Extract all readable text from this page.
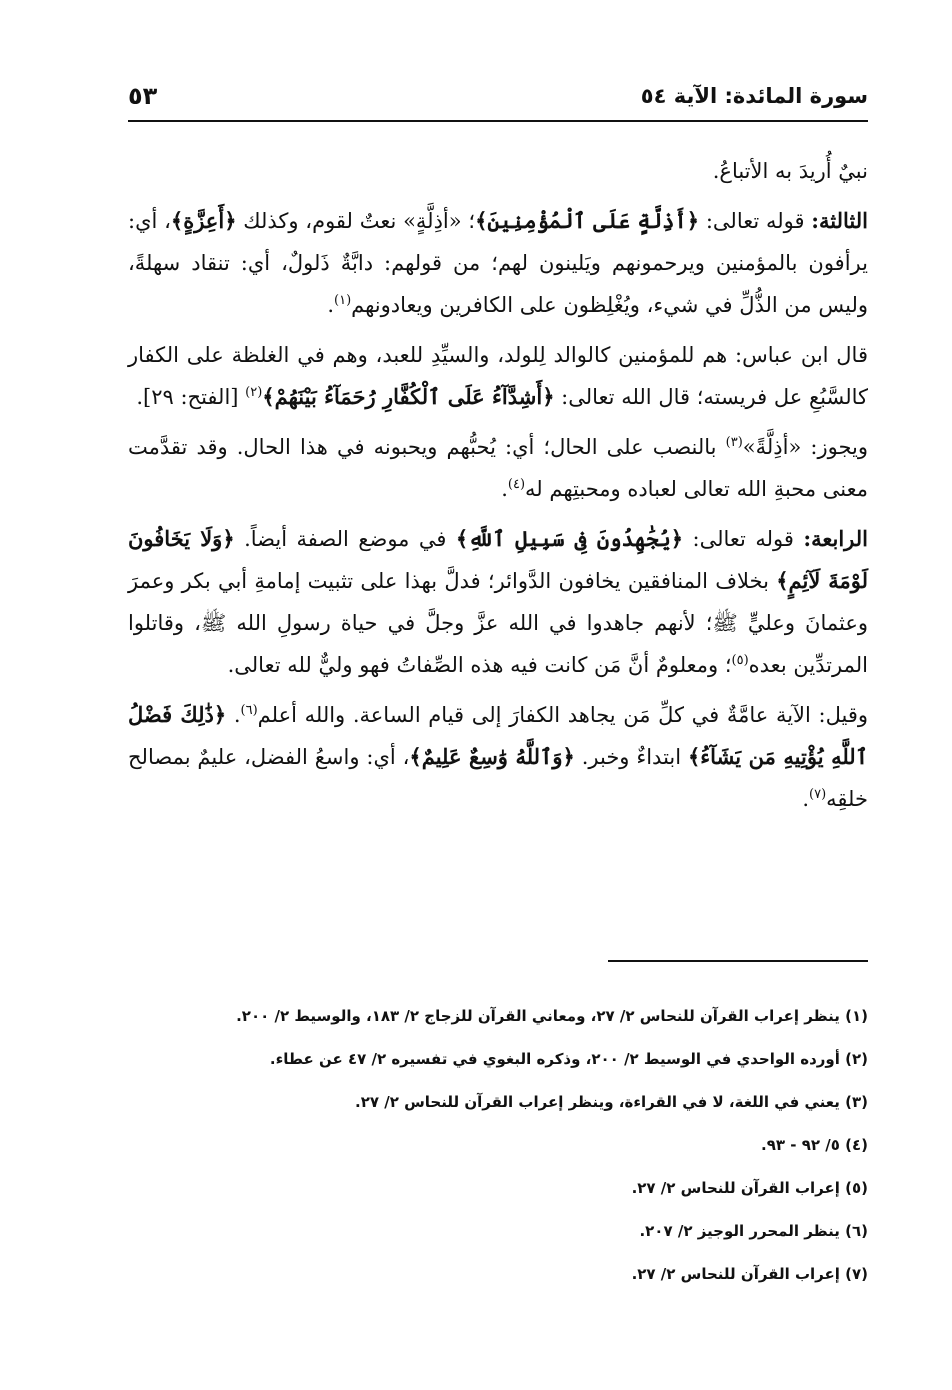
سورة المائدة: الآية ٥٤
٥٣

نبيٌ أُريدَ به الأتباعُ.

الثالثة: قوله تعالى: ﴿أَذِلَّةٍ عَلَى ٱلْمُؤْمِنِينَ﴾؛ «أذِلَّةٍ» نعتٌ لقوم، وكذلك ﴿أَعِزَّةٍ﴾، أي: يرأفون بالمؤمنين ويرحمونهم ويَلينون لهم؛ من قولهم: دابَّةٌ ذَلولٌ، أي: تنقاد سهلةً، وليس من الذُّلِّ في شيء، ويُغْلِظون على الكافرين ويعادونهم$^{(١)}$.

قال ابن عباس: هم للمؤمنين كالوالد لِلولد، والسيِّدِ للعبد، وهم في الغلظة على الكفار كالسَّبُعِ عل فريسته؛ قال الله تعالى: ﴿أَشِدَّآءُ عَلَى ٱلْكُفَّارِ رُحَمَآءُ بَيْنَهُمْ﴾$^{(٢)}$ [الفتح: ٢٩].

ويجوز: «أذِلَّةً»$^{(٣)}$ بالنصب على الحال؛ أي: يُحبُّهم ويحبونه في هذا الحال. وقد تقدَّمت معنى محبةِ الله تعالى لعباده ومحبتِهم له$^{(٤)}$.

الرابعة: قوله تعالى: ﴿يُجَٰهِدُونَ فِى سَبِيلِ ٱللَّهِ﴾ في موضع الصفة أيضاً. ﴿وَلَا يَخَافُونَ لَوْمَةَ لَآئِمٍ﴾ بخلاف المنافقين يخافون الدَّوائر؛ فدلَّ بهذا على تثبيت إمامةِ أبي بكر وعمرَ وعثمانَ وعليٍّ ﷺ؛ لأنهم جاهدوا في الله عزَّ وجلَّ في حياة رسولِ الله ﷺ، وقاتلوا المرتدِّين بعده$^{(٥)}$؛ ومعلومٌ أنَّ مَن كانت فيه هذه الصِّفاتُ فهو وليٌّ لله تعالى.

وقيل: الآية عامَّةٌ في كلِّ مَن يجاهد الكفارَ إلى قيام الساعة. والله أعلم$^{(٦)}$. ﴿ذَٰلِكَ فَضْلُ ٱللَّهِ يُؤْتِيهِ مَن يَشَآءُ﴾ ابتداءٌ وخبر. ﴿وَٱللَّهُ وَٰسِعٌ عَلِيمٌ﴾، أي: واسعُ الفضل، عليمٌ بمصالح خلقِه$^{(٧)}$.

(١) ينظر إعراب القرآن للنحاس ٢/ ٢٧، ومعاني القرآن للزجاج ٢/ ١٨٣، والوسيط ٢/ ٢٠٠.
(٢) أورده الواحدي في الوسيط ٢/ ٢٠٠، وذكره البغوي في تفسيره ٢/ ٤٧ عن عطاء.
(٣) يعني في اللغة، لا في القراءة، وينظر إعراب القرآن للنحاس ٢/ ٢٧.
(٤) ٥/ ٩٢ - ٩٣.
(٥) إعراب القرآن للنحاس ٢/ ٢٧.
(٦) ينظر المحرر الوجيز ٢/ ٢٠٧.
(٧) إعراب القرآن للنحاس ٢/ ٢٧.
